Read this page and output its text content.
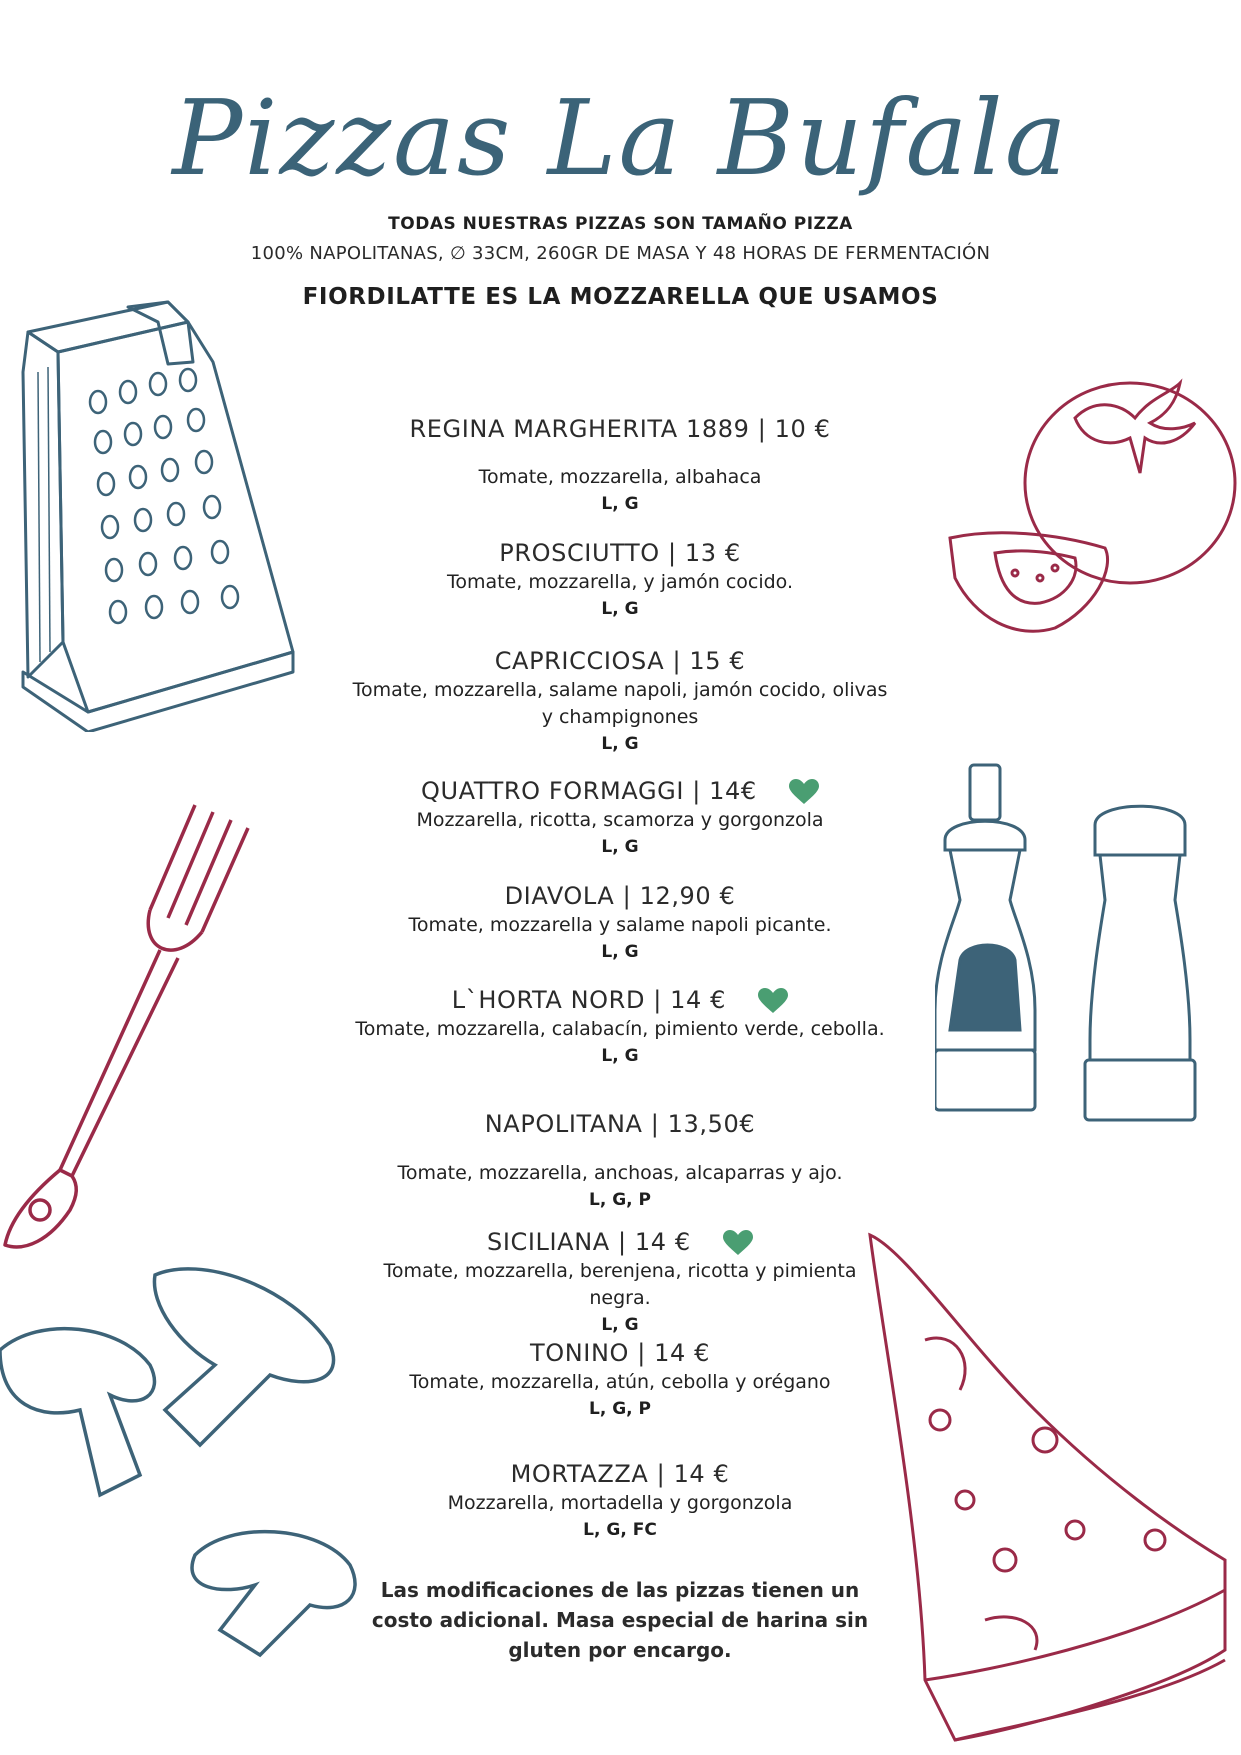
Pizzas La Bufala
TODAS NUESTRAS PIZZAS SON TAMAÑO PIZZA
100% NAPOLITANAS, ∅ 33CM, 260GR DE MASA Y 48 HORAS DE FERMENTACIÓN
FIORDILATTE ES LA MOZZARELLA QUE USAMOS
REGINA MARGHERITA 1889 | 10 €
Tomate, mozzarella, albahaca
L, G
PROSCIUTTO | 13 €
Tomate, mozzarella, y jamón cocido.
L, G
CAPRICCIOSA | 15 €
Tomate, mozzarella, salame napoli, jamón cocido, olivas y champignones
L, G
QUATTRO FORMAGGI | 14€
Mozzarella, ricotta, scamorza y gorgonzola
L, G
DIAVOLA | 12,90 €
Tomate, mozzarella y salame napoli picante.
L, G
L`HORTA NORD | 14 €
Tomate, mozzarella, calabacín, pimiento verde, cebolla.
L, G
NAPOLITANA | 13,50€
Tomate, mozzarella, anchoas, alcaparras y ajo.
L, G, P
SICILIANA | 14 €
Tomate, mozzarella, berenjena, ricotta y pimienta negra.
L, G
TONINO | 14 €
Tomate, mozzarella, atún, cebolla y orégano
L, G, P
MORTAZZA | 14 €
Mozzarella, mortadella y gorgonzola
L, G, FC
Las modificaciones de las pizzas tienen un costo adicional. Masa especial de harina sin gluten por encargo.
